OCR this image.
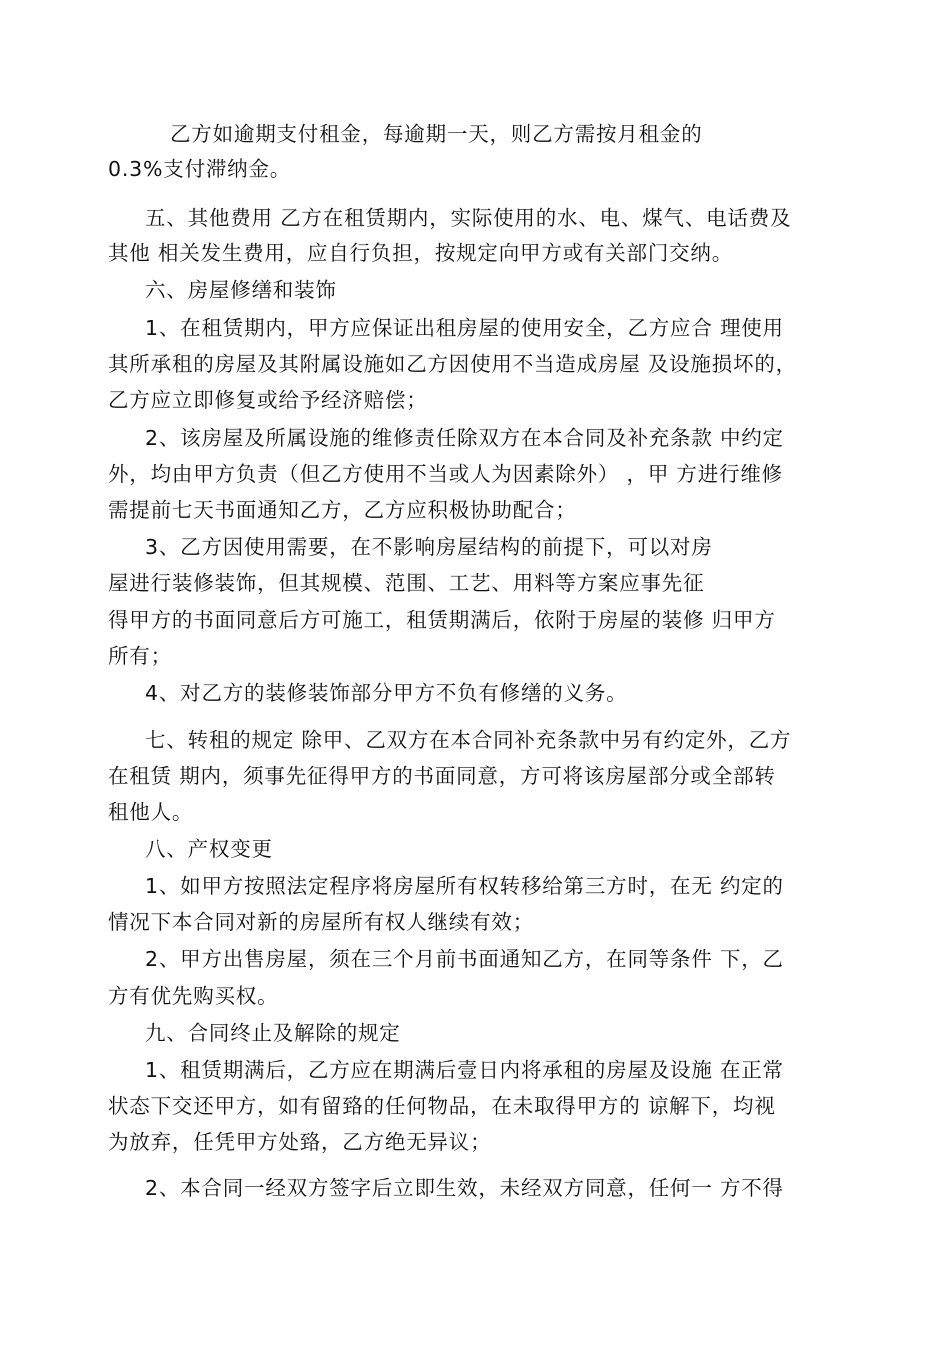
乙方如逾期支付租金，每逾期一天，则乙方需按月租金的
0.3%支付滞纳金。
五、其他费用 乙方在租赁期内，实际使用的水、电、煤气、电话费及
其他 相关发生费用，应自行负担，按规定向甲方或有关部门交纳。
六、房屋修缮和装饰
1、在租赁期内，甲方应保证出租房屋的使用安全，乙方应合 理使用
其所承租的房屋及其附属设施如乙方因使用不当造成房屋 及设施损坏的，
乙方应立即修复或给予经济赔偿；
2、该房屋及所属设施的维修责任除双方在本合同及补充条款 中约定
外，均由甲方负责（但乙方使用不当或人为因素除外） ，甲 方进行维修
需提前七天书面通知乙方，乙方应积极协助配合；
3、乙方因使用需要，在不影响房屋结构的前提下，可以对房
屋进行装修装饰，但其规模、范围、工艺、用料等方案应事先征
得甲方的书面同意后方可施工，租赁期满后，依附于房屋的装修 归甲方
所有；
4、对乙方的装修装饰部分甲方不负有修缮的义务。
七、转租的规定 除甲、乙双方在本合同补充条款中另有约定外，乙方
在租赁 期内，须事先征得甲方的书面同意，方可将该房屋部分或全部转
租他人。
八、产权变更
1、如甲方按照法定程序将房屋所有权转移给第三方时，在无 约定的
情况下本合同对新的房屋所有权人继续有效；
2、甲方出售房屋，须在三个月前书面通知乙方，在同等条件 下，乙
方有优先购买权。
九、合同终止及解除的规定
1、租赁期满后，乙方应在期满后壹日内将承租的房屋及设施 在正常
状态下交还甲方，如有留臵的任何物品，在未取得甲方的 谅解下，均视
为放弃，任凭甲方处臵，乙方绝无异议；
2、本合同一经双方签字后立即生效，未经双方同意，任何一 方不得
